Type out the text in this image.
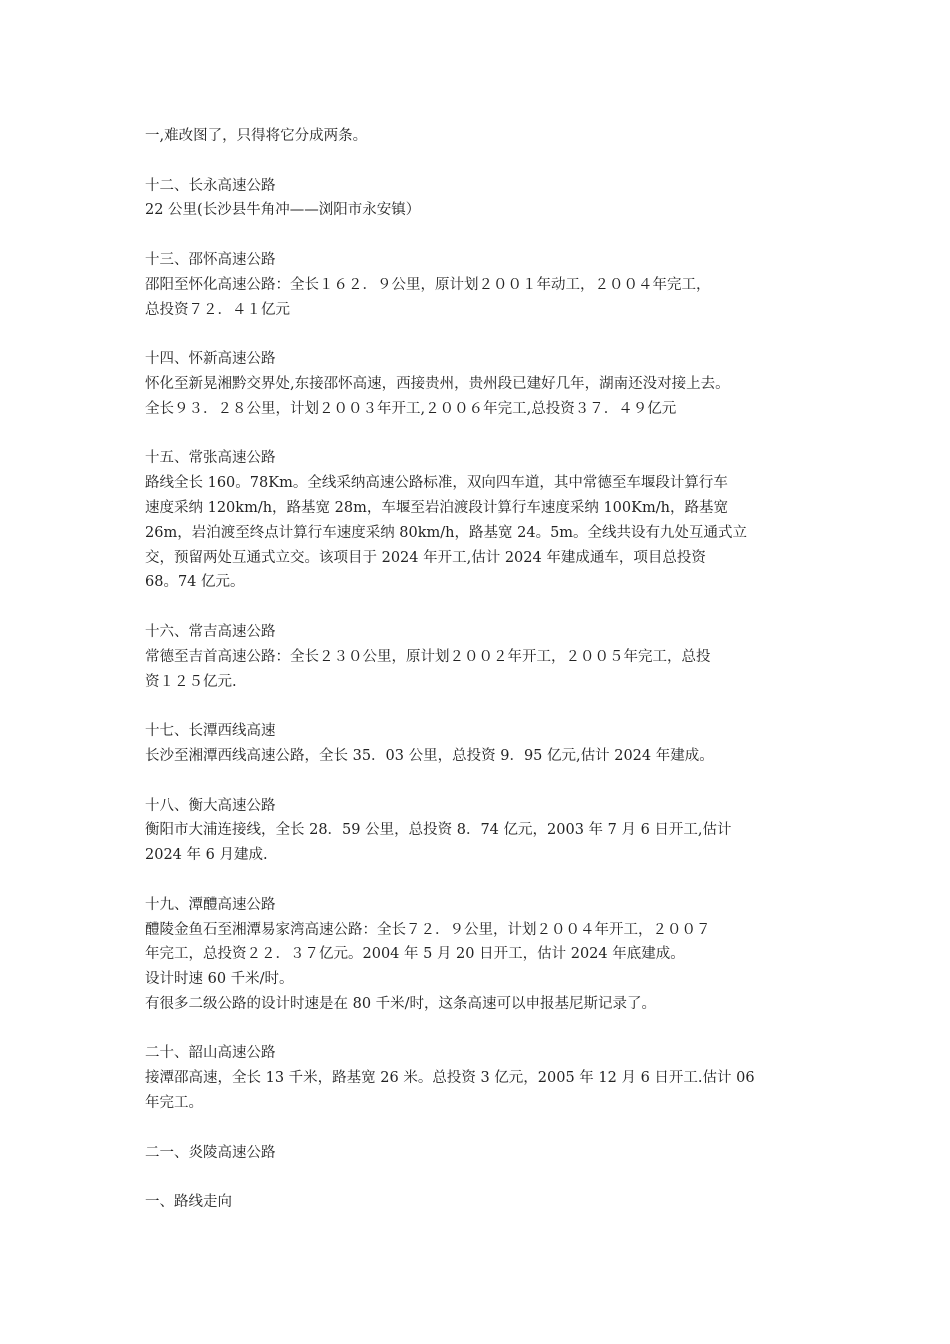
一,难改图了，只得将它分成两条。

十二、长永高速公路

22 公里(长沙县牛角冲——浏阳市永安镇）

十三、邵怀高速公路

邵阳至怀化高速公路：全长１６２．９公里，原计划２００１年动工，２００４年完工，

总投资７２．４１亿元

十四、怀新高速公路

怀化至新晃湘黔交界处,东接邵怀高速，西接贵州，贵州段已建好几年，湖南还没对接上去。

全长９３．２８公里，计划２００３年开工,２００６年完工,总投资３７．４９亿元

十五、常张高速公路

路线全长 160。78Km。全线采纳高速公路标准，双向四车道，其中常德至车堰段计算行车

速度采纳 120km/h，路基宽 28m，车堰至岩泊渡段计算行车速度采纳 100Km/h，路基宽

26m，岩泊渡至终点计算行车速度采纳 80km/h，路基宽 24。5m。全线共设有九处互通式立

交，预留两处互通式立交。该项目于 2024 年开工,估计 2024 年建成通车，项目总投资

68。74 亿元。

十六、常吉高速公路

常德至吉首高速公路：全长２３０公里，原计划２００２年开工，２００５年完工，总投

资１２５亿元.

十七、长潭西线高速

长沙至湘潭西线高速公路，全长 35．03 公里，总投资 9．95 亿元,估计 2024 年建成。

十八、衡大高速公路

衡阳市大浦连接线，全长 28．59 公里，总投资 8．74 亿元，2003 年 7 月 6 日开工,估计

2024 年 6 月建成.

十九、潭醴高速公路

醴陵金鱼石至湘潭易家湾高速公路：全长７２．９公里，计划２００４年开工，２００７

年完工，总投资２２．３７亿元。2004 年 5 月 20 日开工，估计 2024 年底建成。

设计时速 60 千米/时。

有很多二级公路的设计时速是在 80 千米/时，这条高速可以申报基尼斯记录了。

二十、韶山高速公路

接潭邵高速，全长 13 千米，路基宽 26 米。总投资 3 亿元，2005 年 12 月 6 日开工.估计 06

年完工。

二一、炎陵高速公路

一、路线走向
